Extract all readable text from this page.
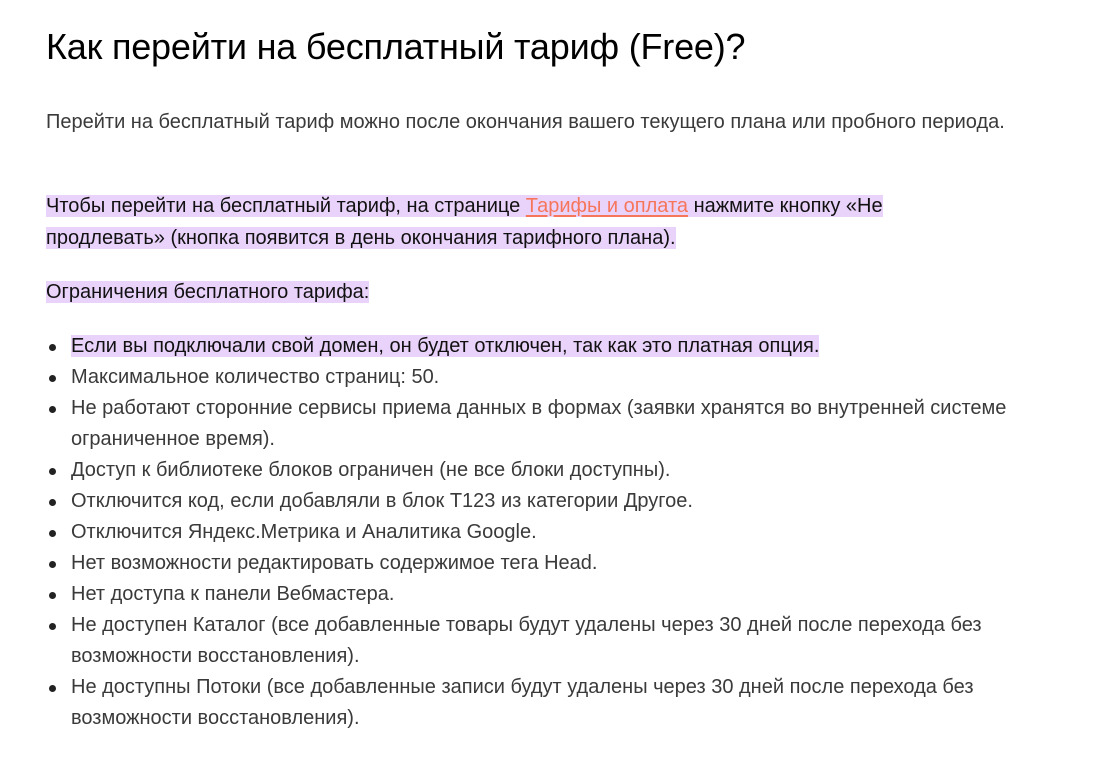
Как перейти на бесплатный тариф (Free)?

Перейти на бесплатный тариф можно после окончания вашего текущего плана или пробного периода.

Чтобы перейти на бесплатный тариф, на странице Тарифы и оплата нажмите кнопку «Не продлевать» (кнопка появится в день окончания тарифного плана).

Ограничения бесплатного тарифа:

Если вы подключали свой домен, он будет отключен, так как это платная опция.
Максимальное количество страниц: 50.
Не работают сторонние сервисы приема данных в формах (заявки хранятся во внутренней системе ограниченное время).
Доступ к библиотеке блоков ограничен (не все блоки доступны).
Отключится код, если добавляли в блок T123 из категории Другое.
Отключится Яндекс.Метрика и Аналитика Google.
Нет возможности редактировать содержимое тега Head.
Нет доступа к панели Вебмастера.
Не доступен Каталог (все добавленные товары будут удалены через 30 дней после перехода без возможности восстановления).
Не доступны Потоки (все добавленные записи будут удалены через 30 дней после перехода без возможности восстановления).
